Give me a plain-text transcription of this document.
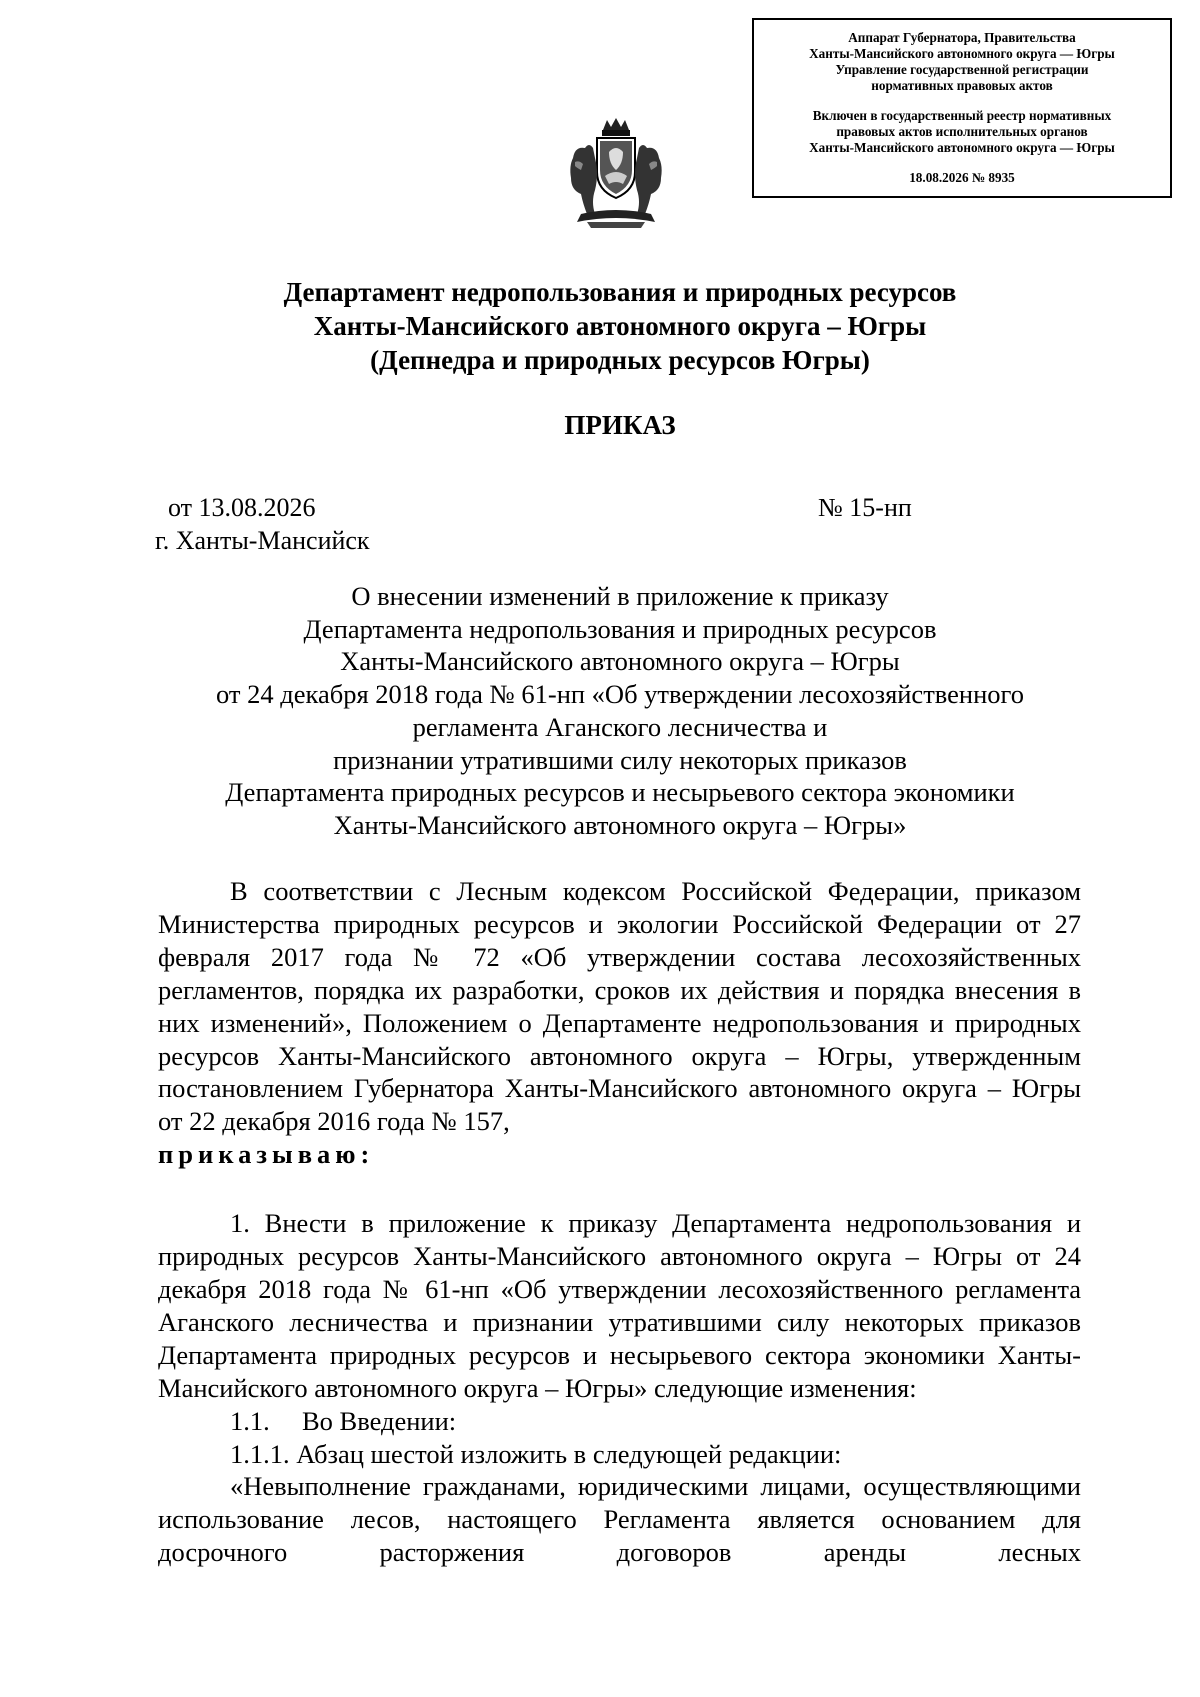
Аппарат Губернатора, Правительства

Ханты-Мансийского автономного округа — Югры

Управление государственной регистрации

нормативных правовых актов

Включен в государственный реестр нормативных

правовых актов исполнительных органов

Ханты-Мансийского автономного округа — Югры

18.08.2026 № 8935

Департамент недропользования и природных ресурсов
Ханты-Мансийского автономного округа – Югры
(Депнедра и природных ресурсов Югры)
ПРИКАЗ
от 13.08.2026	№ 15-нп
г. Ханты-Мансийск
О внесении изменений в приложение к приказу
Департамента недропользования и природных ресурсов
Ханты-Мансийского автономного округа – Югры
от 24 декабря 2018 года № 61-нп «Об утверждении лесохозяйственного
регламента Аганского лесничества и
признании утратившими силу некоторых приказов
Департамента природных ресурсов и несырьевого сектора экономики
Ханты-Мансийского автономного округа – Югры»

В соответствии с Лесным кодексом Российской Федерации, приказом Министерства природных ресурсов и экологии Российской Федерации от 27 февраля 2017 года № 72 «Об утверждении состава лесохозяйственных регламентов, порядка их разработки, сроков их действия и порядка внесения в них изменений», Положением о Департаменте недропользования и природных ресурсов Ханты-Мансийского автономного округа – Югры, утвержденным постановлением Губернатора Ханты-Мансийского автономного округа – Югры от 22 декабря 2016 года № 157,

приказываю:

1. Внести в приложение к приказу Департамента недропользования и природных ресурсов Ханты-Мансийского автономного округа – Югры от 24 декабря 2018 года № 61-нп «Об утверждении лесохозяйственного регламента Аганского лесничества и признании утратившими силу некоторых приказов Департамента природных ресурсов и несырьевого сектора экономики Ханты-Мансийского автономного округа – Югры» следующие изменения:

1.1. Во Введении:

1.1.1. Абзац шестой изложить в следующей редакции:

«Невыполнение гражданами, юридическими лицами, осуществляющими использование лесов, настоящего Регламента является основанием для досрочного расторжения договоров аренды лесных
